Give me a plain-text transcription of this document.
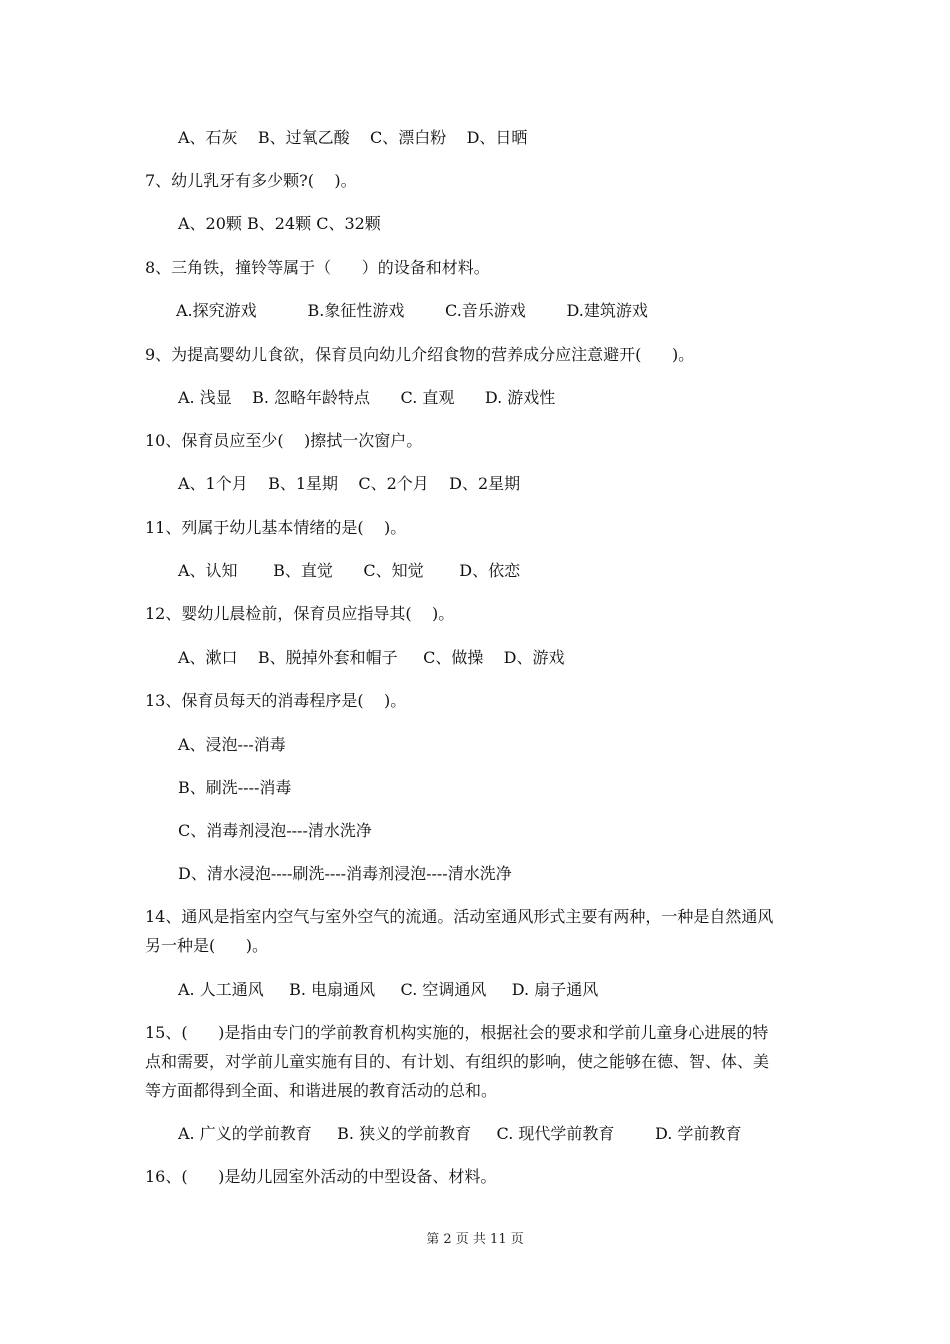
A、石灰    B、过氧乙酸    C、漂白粉    D、日晒
7、幼儿乳牙有多少颗?(    )。
A、20颗 B、24颗 C、32颗
8、三角铁，撞铃等属于（      ）的设备和材料。
A.探究游戏          B.象征性游戏        C.音乐游戏        D.建筑游戏
9、为提高婴幼儿食欲，保育员向幼儿介绍食物的营养成分应注意避开(      )。
A. 浅显    B. 忽略年龄特点      C. 直观      D. 游戏性
10、保育员应至少(    )擦拭一次窗户。
A、1个月    B、1星期    C、2个月    D、2星期
11、列属于幼儿基本情绪的是(    )。
A、认知       B、直觉      C、知觉       D、依恋
12、婴幼儿晨检前，保育员应指导其(    )。
A、漱口    B、脱掉外套和帽子     C、做操    D、游戏
13、保育员每天的消毒程序是(    )。
A、浸泡---消毒
B、刷洗----消毒
C、消毒剂浸泡----清水洗净
D、清水浸泡----刷洗----消毒剂浸泡----清水洗净
14、通风是指室内空气与室外空气的流通。活动室通风形式主要有两种，一种是自然通风
另一种是(      )。
A. 人工通风     B. 电扇通风     C. 空调通风     D. 扇子通风
15、(      )是指由专门的学前教育机构实施的，根据社会的要求和学前儿童身心进展的特
点和需要，对学前儿童实施有目的、有计划、有组织的影响，使之能够在德、智、体、美
等方面都得到全面、和谐进展的教育活动的总和。
A. 广义的学前教育     B. 狭义的学前教育     C. 现代学前教育        D. 学前教育
16、(      )是幼儿园室外活动的中型设备、材料。
第 2 页 共 11 页
